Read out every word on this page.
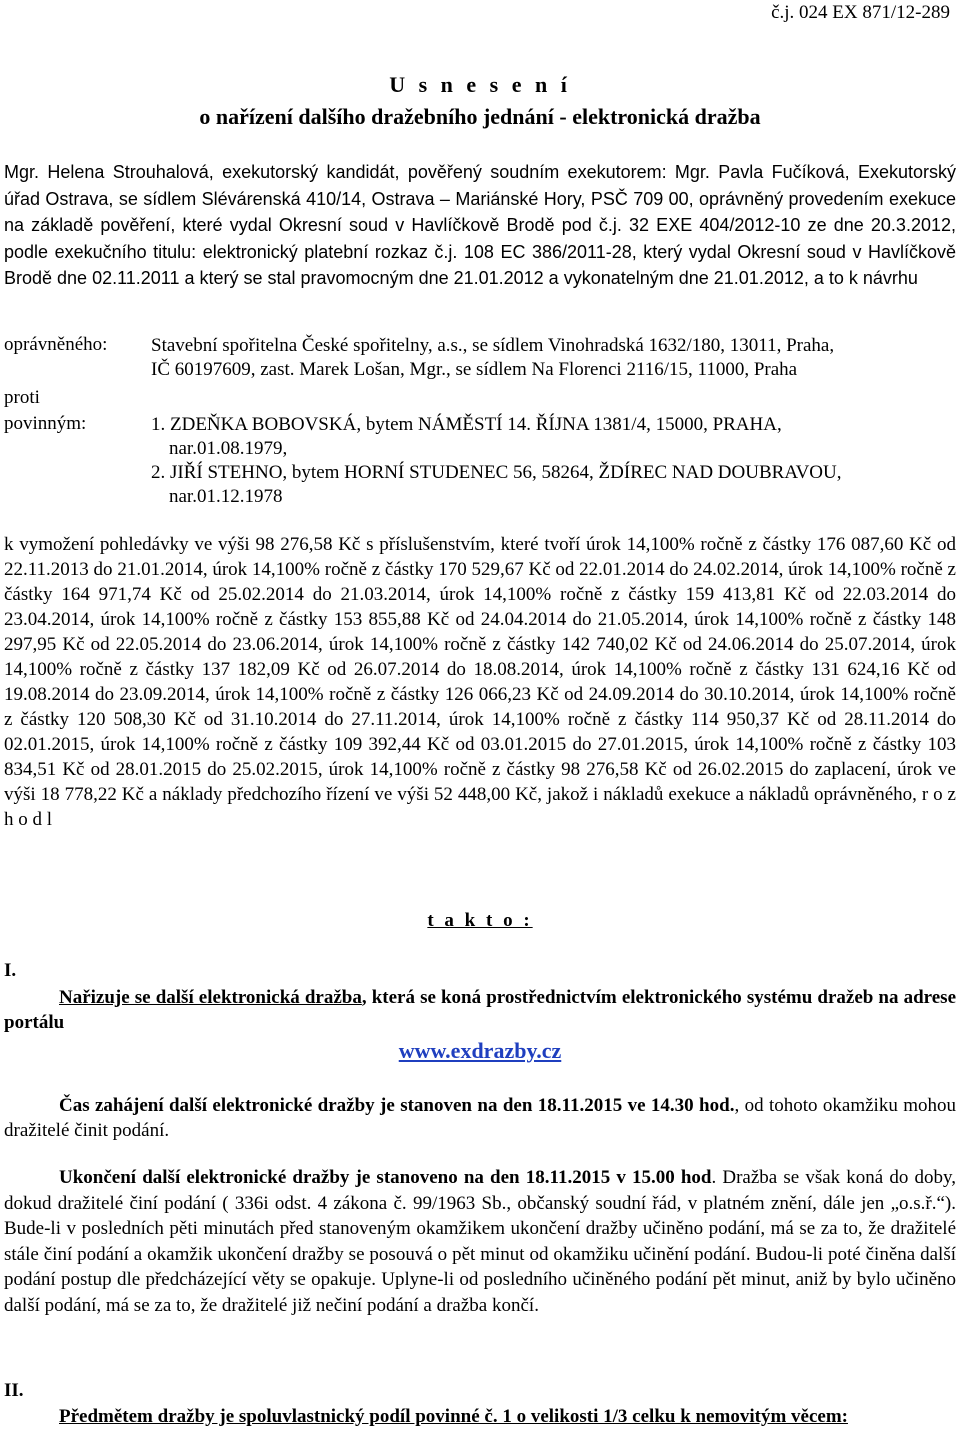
č.j. 024 EX 871/12-289
U s n e s e n í
o nařízení dalšího dražebního jednání - elektronická dražba
Mgr. Helena Strouhalová, exekutorský kandidát, pověřený soudním exekutorem: Mgr. Pavla Fučíková, Exekutorský úřad Ostrava, se sídlem Slévárenská 410/14, Ostrava – Mariánské Hory, PSČ 709 00, oprávněný provedením exekuce na základě pověření, které vydal Okresní soud v Havlíčkově Brodě pod č.j. 32 EXE 404/2012-10 ze dne 20.3.2012, podle exekučního titulu: elektronický platební rozkaz č.j. 108 EC 386/2011-28, který vydal Okresní soud v Havlíčkově Brodě dne 02.11.2011 a který se stal pravomocným dne 21.01.2012 a vykonatelným dne 21.01.2012, a to k návrhu
oprávněného: Stavební spořitelna České spořitelny, a.s., se sídlem Vinohradská 1632/180, 13011, Praha,
IČ 60197609, zast. Marek Lošan, Mgr., se sídlem Na Florenci 2116/15, 11000, Praha
proti
povinným:	1. ZDEŇKA BOBOVSKÁ, bytem NÁMĚSTÍ 14. ŘÍJNA 1381/4, 15000, PRAHA,
nar.01.08.1979,
2. JIŘÍ STEHNO, bytem HORNÍ STUDENEC 56, 58264, ŽDÍREC NAD DOUBRAVOU,
nar.01.12.1978
k vymožení pohledávky ve výši 98 276,58 Kč s příslušenstvím, které tvoří úrok 14,100% ročně z částky 176 087,60 Kč od 22.11.2013 do 21.01.2014, úrok 14,100% ročně z částky 170 529,67 Kč od 22.01.2014 do 24.02.2014, úrok 14,100% ročně z částky 164 971,74 Kč od 25.02.2014 do 21.03.2014, úrok 14,100% ročně z částky 159 413,81 Kč od 22.03.2014 do 23.04.2014, úrok 14,100% ročně z částky 153 855,88 Kč od 24.04.2014 do 21.05.2014, úrok 14,100% ročně z částky 148 297,95 Kč od 22.05.2014 do 23.06.2014, úrok 14,100% ročně z částky 142 740,02 Kč od 24.06.2014 do 25.07.2014, úrok 14,100% ročně z částky 137 182,09 Kč od 26.07.2014 do 18.08.2014, úrok 14,100% ročně z částky 131 624,16 Kč od 19.08.2014 do 23.09.2014, úrok 14,100% ročně z částky 126 066,23 Kč od 24.09.2014 do 30.10.2014, úrok 14,100% ročně z částky 120 508,30 Kč od 31.10.2014 do 27.11.2014, úrok 14,100% ročně z částky 114 950,37 Kč od 28.11.2014 do 02.01.2015, úrok 14,100% ročně z částky 109 392,44 Kč od 03.01.2015 do 27.01.2015, úrok 14,100% ročně z částky 103 834,51 Kč od 28.01.2015 do 25.02.2015, úrok 14,100% ročně z částky 98 276,58 Kč od 26.02.2015 do zaplacení, úrok ve výši 18 778,22 Kč a náklady předchozího řízení ve výši 52 448,00 Kč, jakož i nákladů exekuce a nákladů oprávněného, r o z h o d l
t a k t o :
I.
Nařizuje se další elektronická dražba, která se koná prostřednictvím elektronického systému dražeb na adrese portálu
www.exdrazby.cz
Čas zahájení další elektronické dražby je stanoven na den 18.11.2015 ve 14.30 hod., od tohoto okamžiku mohou dražitelé činit podání.
Ukončení další elektronické dražby je stanoveno na den 18.11.2015 v 15.00 hod. Dražba se však koná do doby, dokud dražitelé činí podání ( 336i odst. 4 zákona č. 99/1963 Sb., občanský soudní řád, v platném znění, dále jen „o.s.ř.“). Bude-li v posledních pěti minutách před stanoveným okamžikem ukončení dražby učiněno podání, má se za to, že dražitelé stále činí podání a okamžik ukončení dražby se posouvá o pět minut od okamžiku učinění podání. Budou-li poté činěna další podání postup dle předcházející věty se opakuje. Uplyne-li od posledního učiněného podání pět minut, aniž by bylo učiněno další podání, má se za to, že dražitelé již nečiní podání a dražba končí.
II.
Předmětem dražby je spoluvlastnický podíl povinné č. 1 o velikosti 1/3 celku k nemovitým věcem:
